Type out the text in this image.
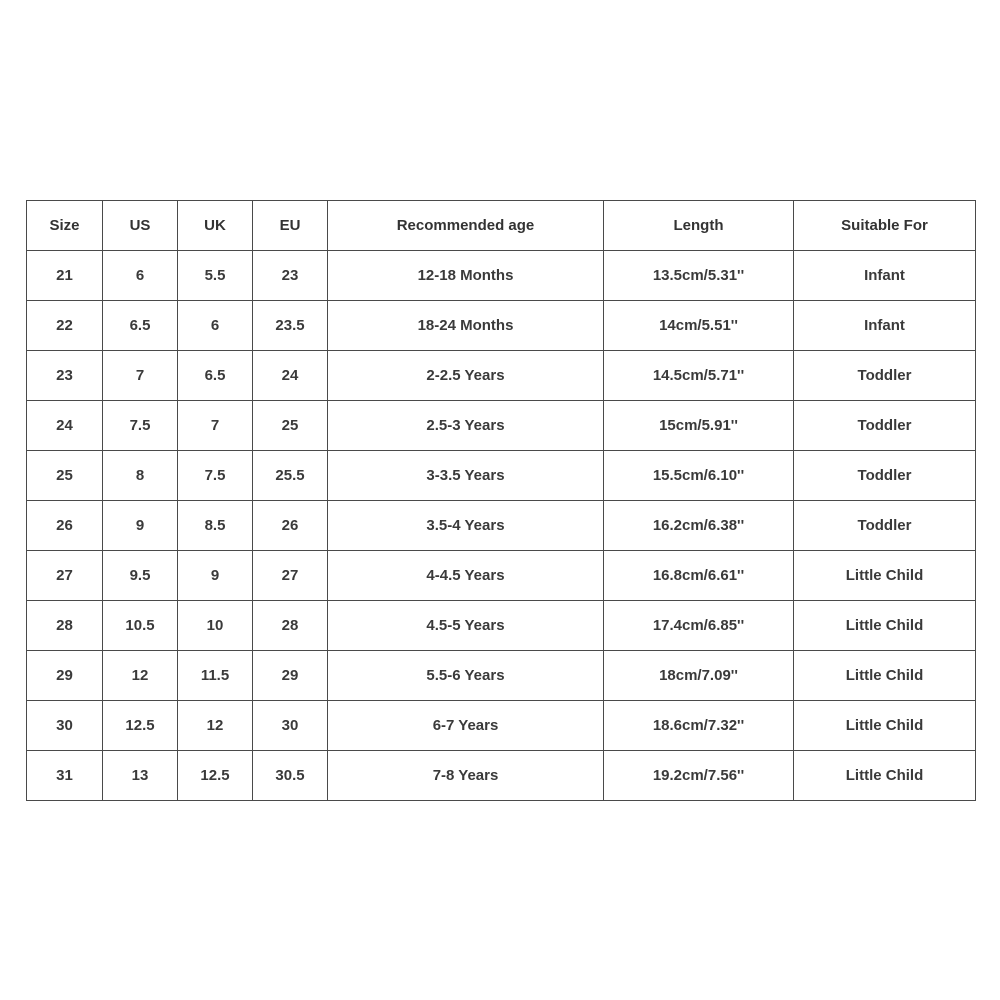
Size	US	UK	EU	Recommended age	Length	Suitable For
21	6	5.5	23	12-18 Months	13.5cm/5.31''	Infant
22	6.5	6	23.5	18-24 Months	14cm/5.51''	Infant
23	7	6.5	24	2-2.5 Years	14.5cm/5.71''	Toddler
24	7.5	7	25	2.5-3 Years	15cm/5.91''	Toddler
25	8	7.5	25.5	3-3.5 Years	15.5cm/6.10''	Toddler
26	9	8.5	26	3.5-4 Years	16.2cm/6.38''	Toddler
27	9.5	9	27	4-4.5 Years	16.8cm/6.61''	Little Child
28	10.5	10	28	4.5-5 Years	17.4cm/6.85''	Little Child
29	12	11.5	29	5.5-6 Years	18cm/7.09''	Little Child
30	12.5	12	30	6-7 Years	18.6cm/7.32''	Little Child
31	13	12.5	30.5	7-8 Years	19.2cm/7.56''	Little Child
